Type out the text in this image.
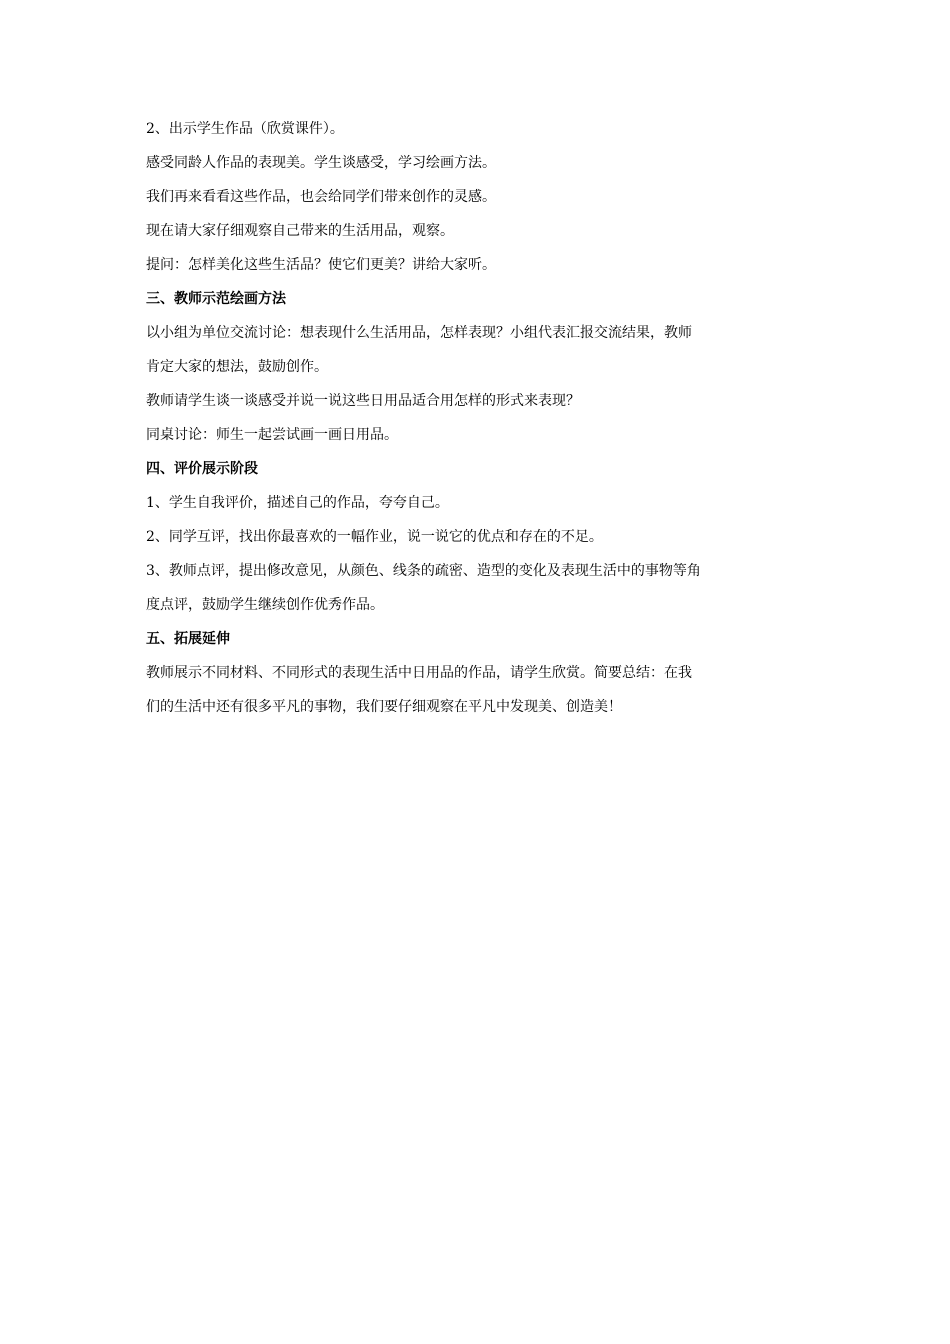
2、出示学生作品（欣赏课件）。
感受同龄人作品的表现美。学生谈感受，学习绘画方法。
我们再来看看这些作品，也会给同学们带来创作的灵感。
现在请大家仔细观察自己带来的生活用品，观察。
提问：怎样美化这些生活品？使它们更美？讲给大家听。
三、教师示范绘画方法
以小组为单位交流讨论：想表现什么生活用品，怎样表现？小组代表汇报交流结果，教师
肯定大家的想法，鼓励创作。
教师请学生谈一谈感受并说一说这些日用品适合用怎样的形式来表现？
同桌讨论：师生一起尝试画一画日用品。
四、评价展示阶段
1、学生自我评价，描述自己的作品，夸夸自己。
2、同学互评，找出你最喜欢的一幅作业，说一说它的优点和存在的不足。
3、教师点评，提出修改意见，从颜色、线条的疏密、造型的变化及表现生活中的事物等角
度点评，鼓励学生继续创作优秀作品。
五、拓展延伸
教师展示不同材料、不同形式的表现生活中日用品的作品，请学生欣赏。简要总结：在我
们的生活中还有很多平凡的事物，我们要仔细观察在平凡中发现美、创造美！
